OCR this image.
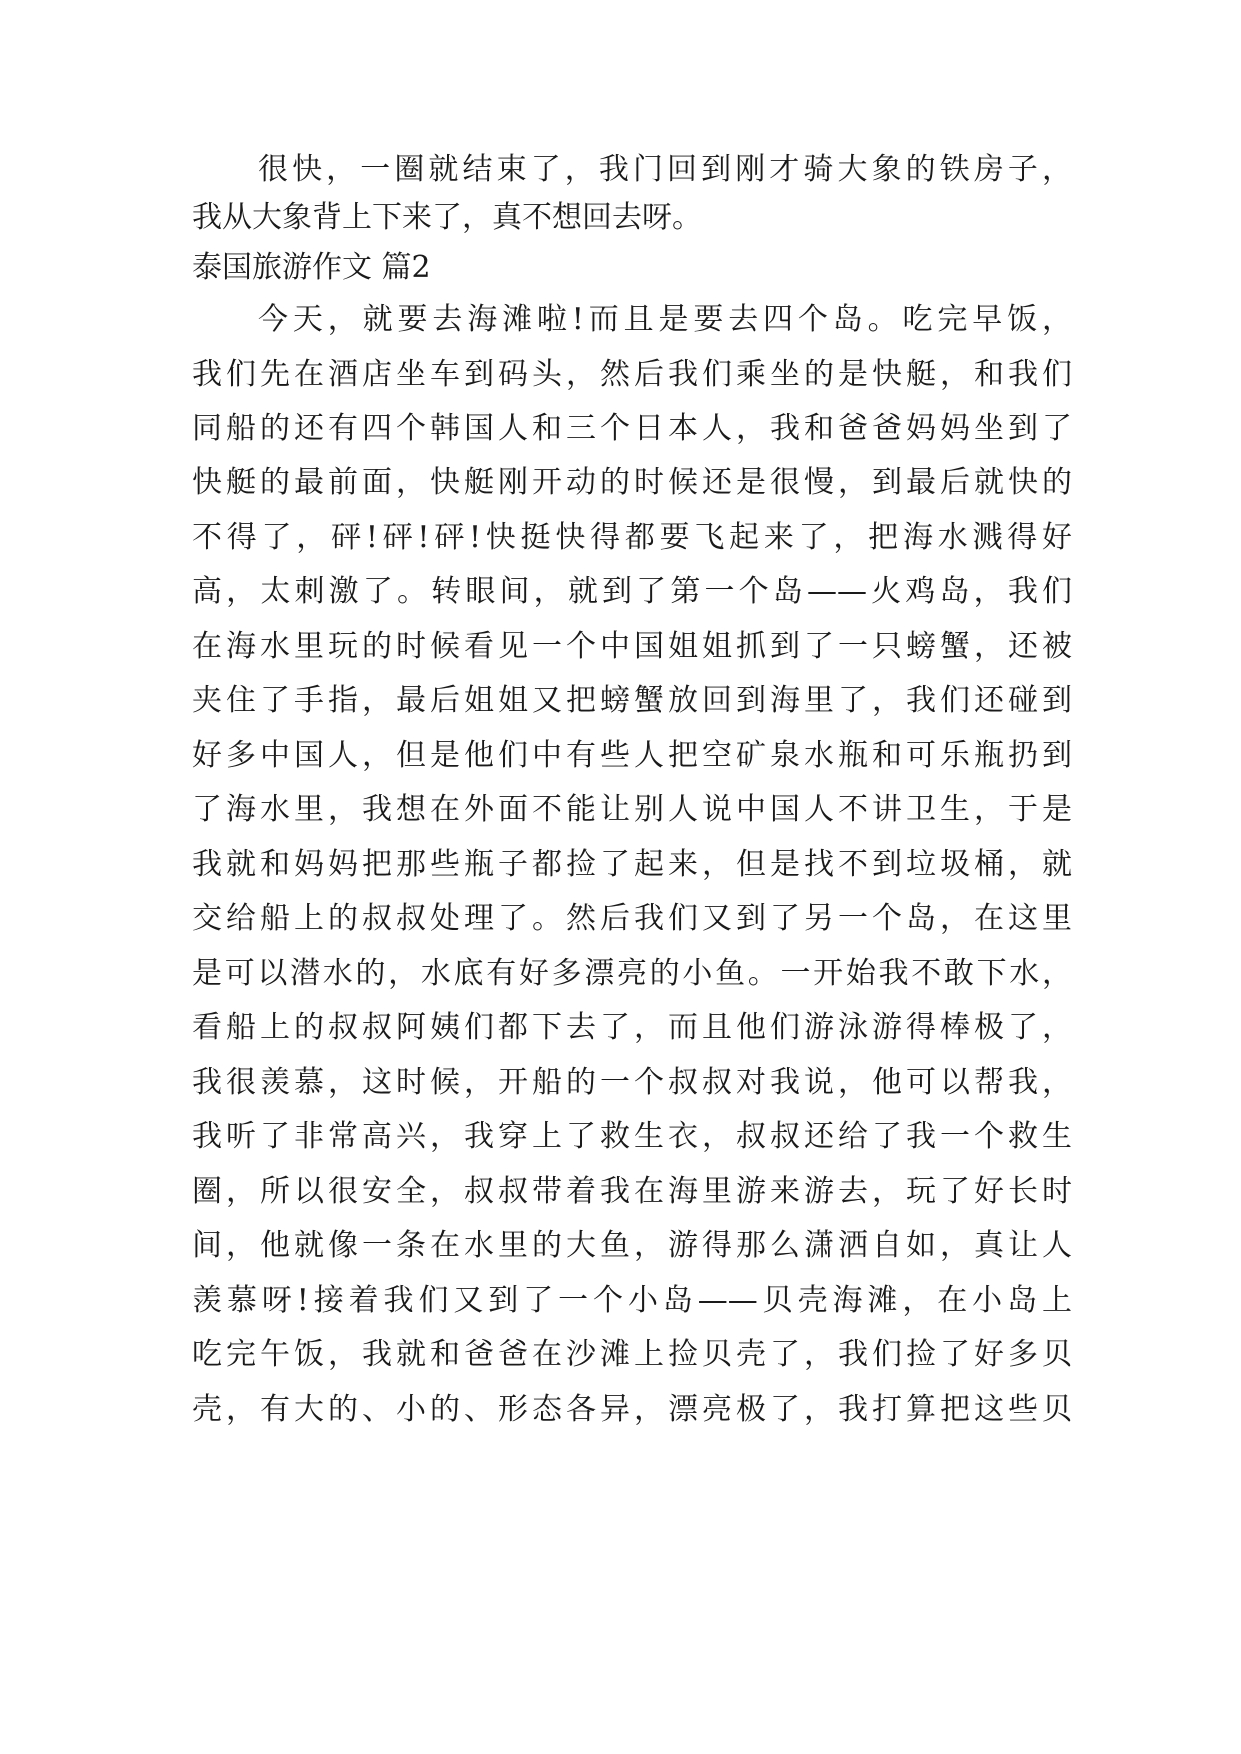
很快，一圈就结束了，我门回到刚才骑大象的铁房子，
我从大象背上下来了，真不想回去呀。
泰国旅游作文 篇2
今天，就要去海滩啦!而且是要去四个岛。吃完早饭，
我们先在酒店坐车到码头，然后我们乘坐的是快艇，和我们
同船的还有四个韩国人和三个日本人，我和爸爸妈妈坐到了
快艇的最前面，快艇刚开动的时候还是很慢，到最后就快的
不得了，砰!砰!砰!快挺快得都要飞起来了，把海水溅得好
高，太刺激了。转眼间，就到了第一个岛——火鸡岛，我们
在海水里玩的时候看见一个中国姐姐抓到了一只螃蟹，还被
夹住了手指，最后姐姐又把螃蟹放回到海里了，我们还碰到
好多中国人，但是他们中有些人把空矿泉水瓶和可乐瓶扔到
了海水里，我想在外面不能让别人说中国人不讲卫生，于是
我就和妈妈把那些瓶子都捡了起来，但是找不到垃圾桶，就
交给船上的叔叔处理了。然后我们又到了另一个岛，在这里
是可以潜水的，水底有好多漂亮的小鱼。一开始我不敢下水，
看船上的叔叔阿姨们都下去了，而且他们游泳游得棒极了，
我很羡慕，这时候，开船的一个叔叔对我说，他可以帮我，
我听了非常高兴，我穿上了救生衣，叔叔还给了我一个救生
圈，所以很安全，叔叔带着我在海里游来游去，玩了好长时
间，他就像一条在水里的大鱼，游得那么潇洒自如，真让人
羡慕呀!接着我们又到了一个小岛——贝壳海滩，在小岛上
吃完午饭，我就和爸爸在沙滩上捡贝壳了，我们捡了好多贝
壳，有大的、小的、形态各异，漂亮极了，我打算把这些贝
